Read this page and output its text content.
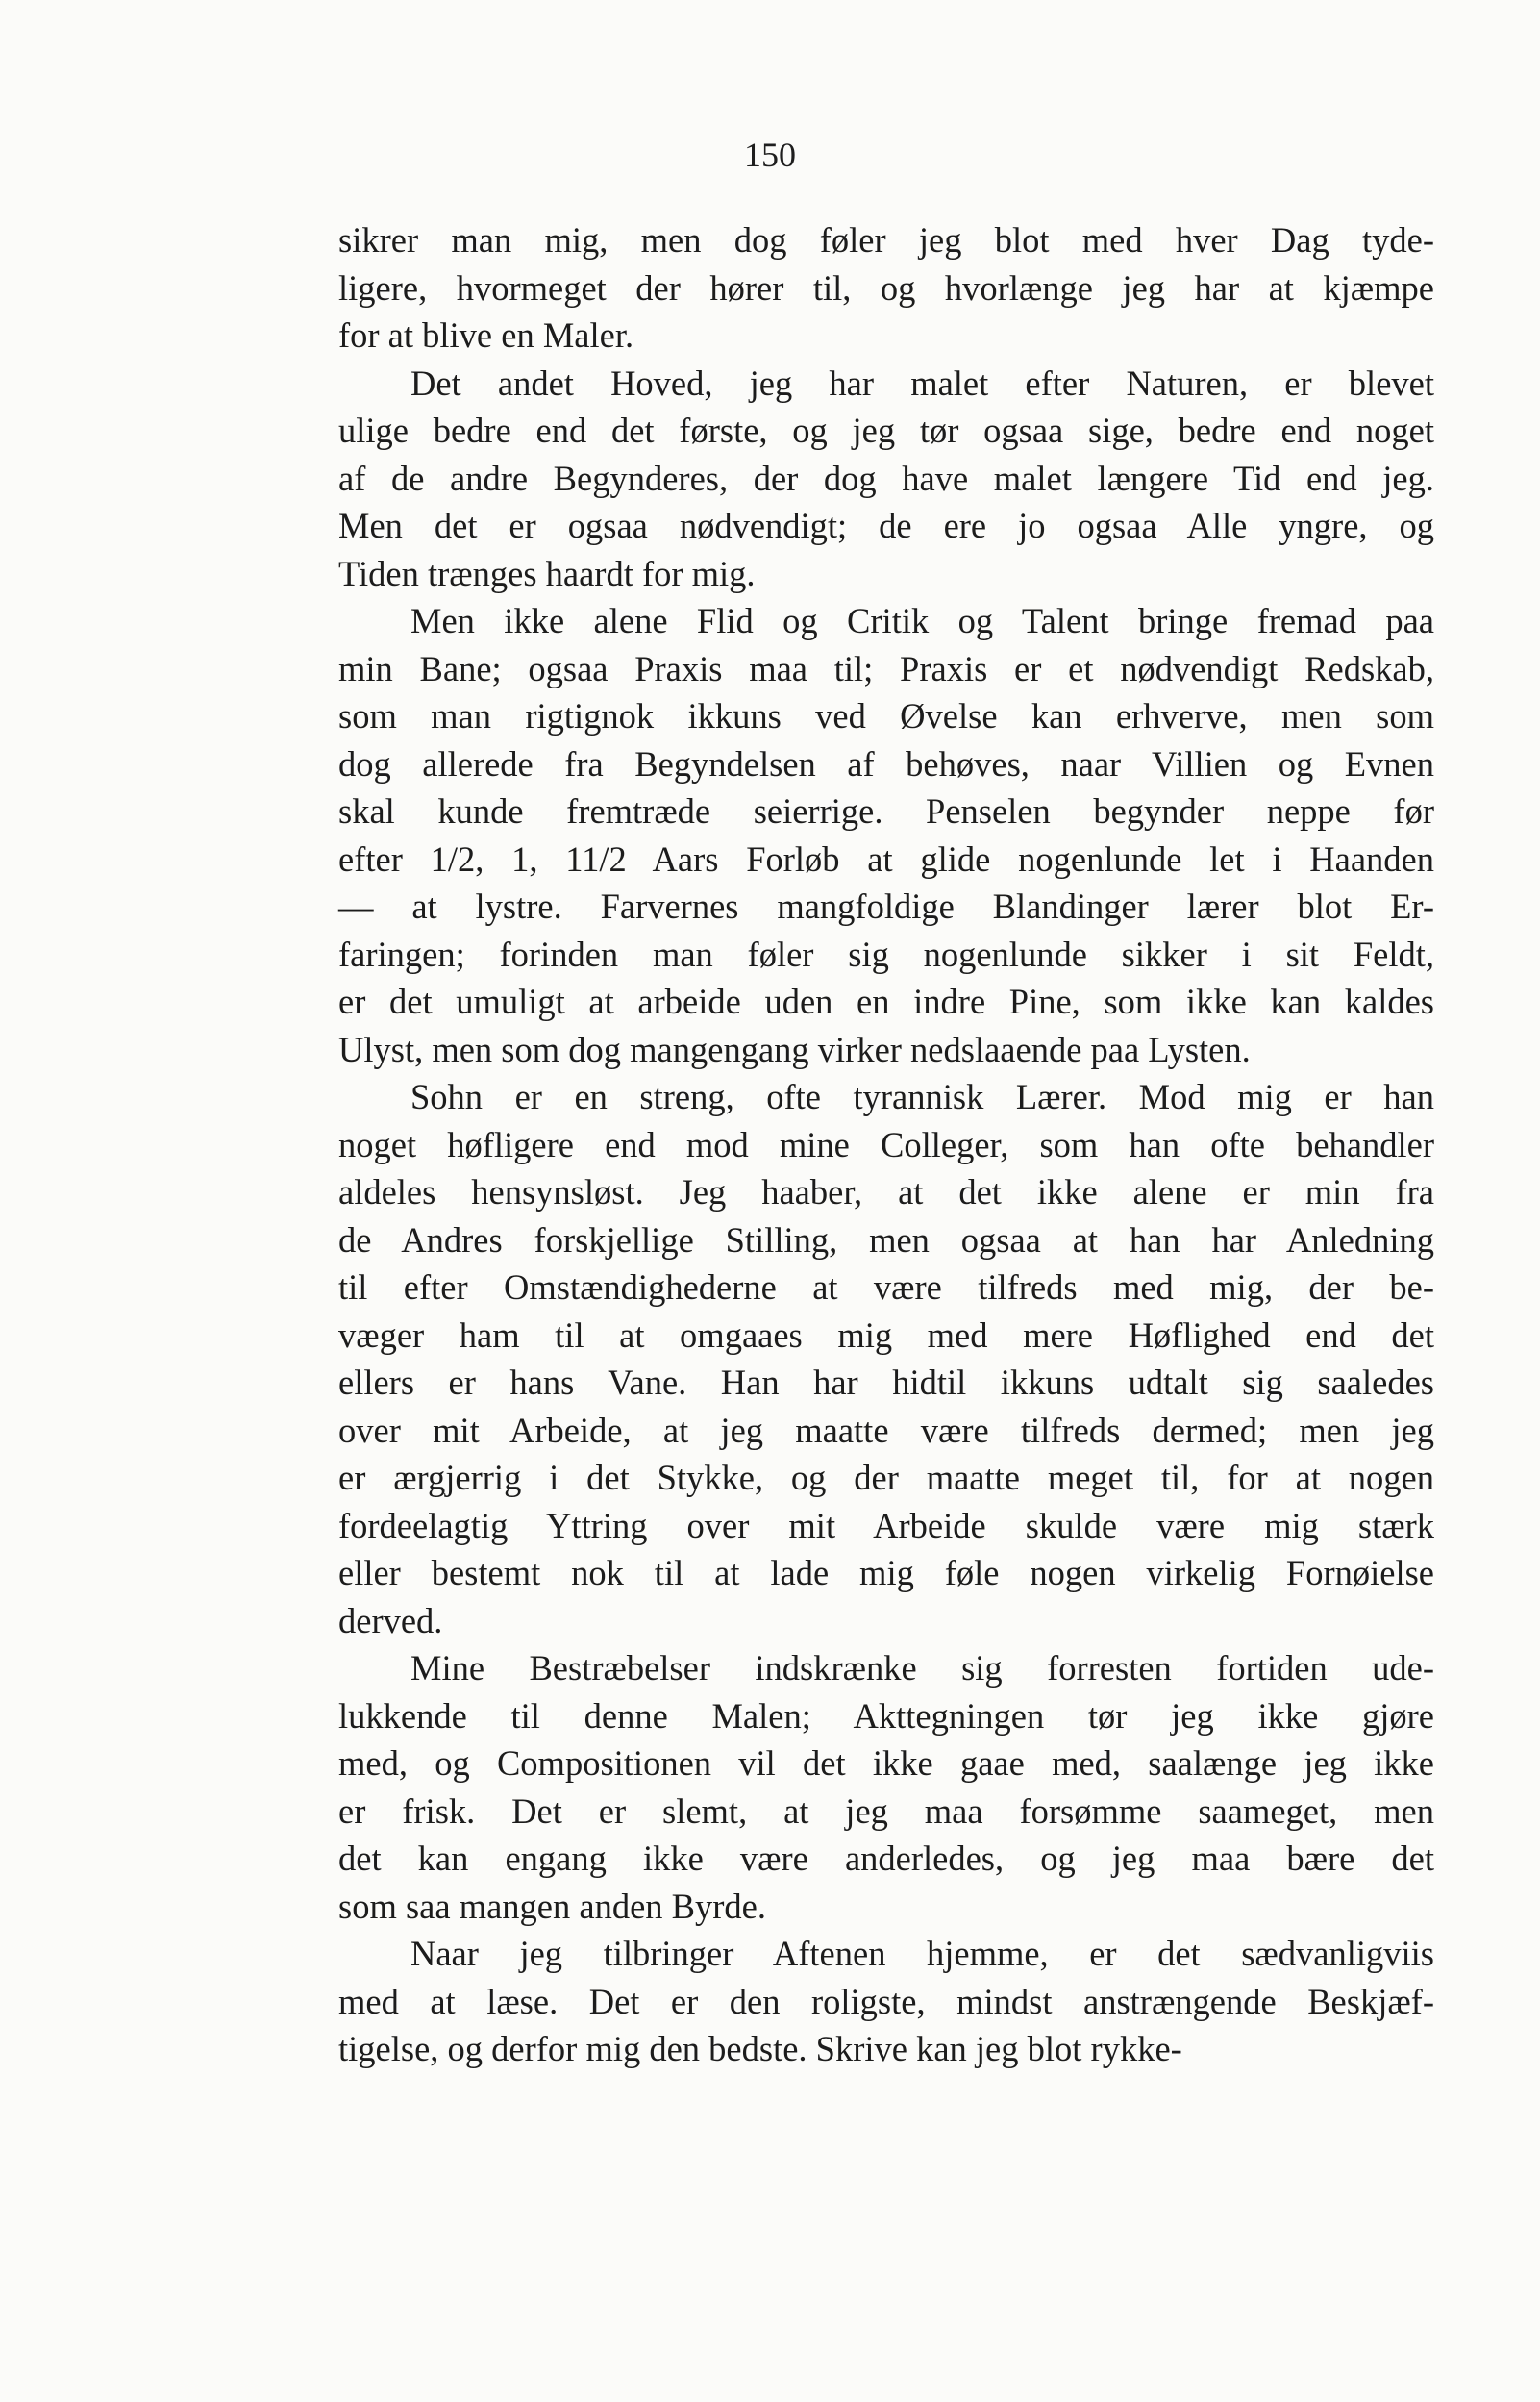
150
sikrer man mig, men dog føler jeg blot med hver Dag tyde-
ligere, hvormeget der hører til, og hvorlænge jeg har at kjæmpe
for at blive en Maler.
Det andet Hoved, jeg har malet efter Naturen, er blevet
ulige bedre end det første, og jeg tør ogsaa sige, bedre end noget
af de andre Begynderes, der dog have malet længere Tid end jeg.
Men det er ogsaa nødvendigt; de ere jo ogsaa Alle yngre, og
Tiden trænges haardt for mig.
Men ikke alene Flid og Critik og Talent bringe fremad paa
min Bane; ogsaa Praxis maa til; Praxis er et nødvendigt Redskab,
som man rigtignok ikkuns ved Øvelse kan erhverve, men som
dog allerede fra Begyndelsen af behøves, naar Villien og Evnen
skal kunde fremtræde seierrige. Penselen begynder neppe før
efter 1/2, 1, 11/2 Aars Forløb at glide nogenlunde let i Haanden
— at lystre. Farvernes mangfoldige Blandinger lærer blot Er-
faringen; forinden man føler sig nogenlunde sikker i sit Feldt,
er det umuligt at arbeide uden en indre Pine, som ikke kan kaldes
Ulyst, men som dog mangengang virker nedslaaende paa Lysten.
Sohn er en streng, ofte tyrannisk Lærer. Mod mig er han
noget høfligere end mod mine Colleger, som han ofte behandler
aldeles hensynsløst. Jeg haaber, at det ikke alene er min fra
de Andres forskjellige Stilling, men ogsaa at han har Anledning
til efter Omstændighederne at være tilfreds med mig, der be-
væger ham til at omgaaes mig med mere Høflighed end det
ellers er hans Vane. Han har hidtil ikkuns udtalt sig saaledes
over mit Arbeide, at jeg maatte være tilfreds dermed; men jeg
er ærgjerrig i det Stykke, og der maatte meget til, for at nogen
fordeelagtig Yttring over mit Arbeide skulde være mig stærk
eller bestemt nok til at lade mig føle nogen virkelig Fornøielse
derved.
Mine Bestræbelser indskrænke sig forresten fortiden ude-
lukkende til denne Malen; Akttegningen tør jeg ikke gjøre
med, og Compositionen vil det ikke gaae med, saalænge jeg ikke
er frisk. Det er slemt, at jeg maa forsømme saameget, men
det kan engang ikke være anderledes, og jeg maa bære det
som saa mangen anden Byrde.
Naar jeg tilbringer Aftenen hjemme, er det sædvanligviis
med at læse. Det er den roligste, mindst anstrængende Beskjæf-
tigelse, og derfor mig den bedste. Skrive kan jeg blot rykke-
